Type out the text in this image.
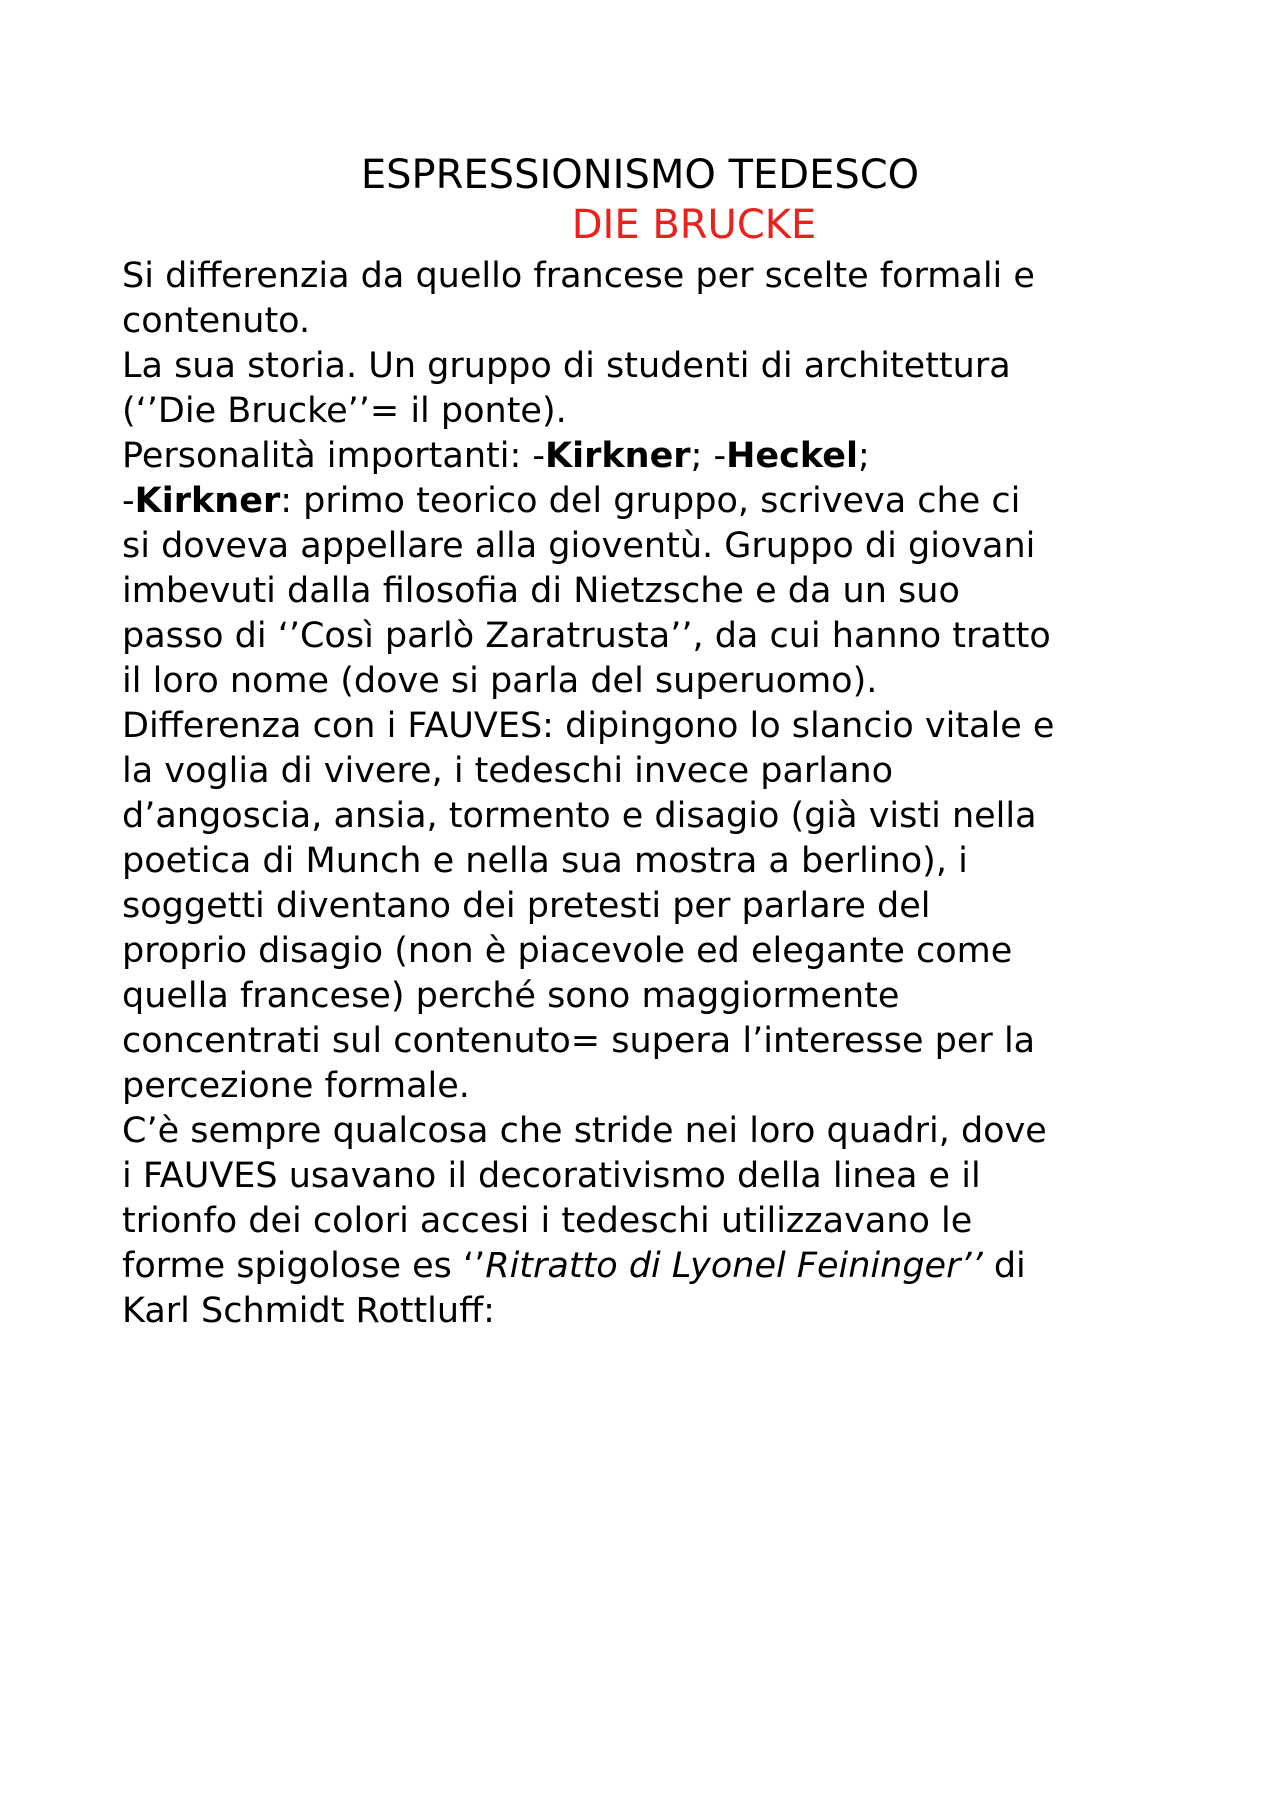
ESPRESSIONISMO TEDESCO
DIE BRUCKE
Si differenzia da quello francese per scelte formali e
contenuto.
La sua storia. Un gruppo di studenti di architettura
(‘’Die Brucke’’= il ponte).
Personalità importanti: -Kirkner; -Heckel;
-Kirkner: primo teorico del gruppo, scriveva che ci
si doveva appellare alla gioventù. Gruppo di giovani
imbevuti dalla filosofia di Nietzsche e da un suo
passo di ‘’Così parlò Zaratrusta’’, da cui hanno tratto
il loro nome (dove si parla del superuomo).
Differenza con i FAUVES: dipingono lo slancio vitale e
la voglia di vivere, i tedeschi invece parlano
d’angoscia, ansia, tormento e disagio (già visti nella
poetica di Munch e nella sua mostra a berlino), i
soggetti diventano dei pretesti per parlare del
proprio disagio (non è piacevole ed elegante come
quella francese) perché sono maggiormente
concentrati sul contenuto= supera l’interesse per la
percezione formale.
C’è sempre qualcosa che stride nei loro quadri, dove
i FAUVES usavano il decorativismo della linea e il
trionfo dei colori accesi i tedeschi utilizzavano le
forme spigolose es ‘’Ritratto di Lyonel Feininger’’ di
Karl Schmidt Rottluff:
